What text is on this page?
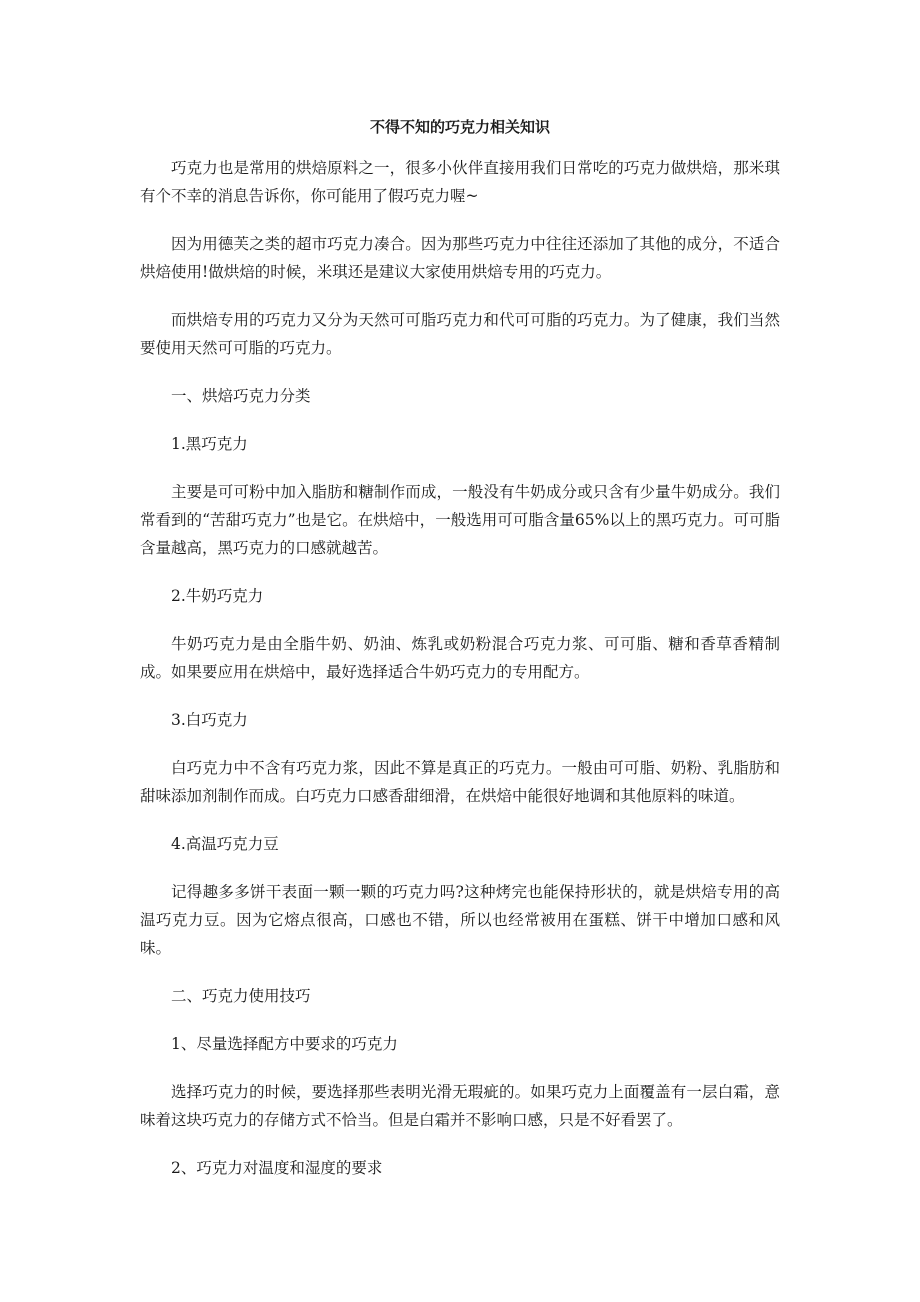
不得不知的巧克力相关知识

巧克力也是常用的烘焙原料之一，很多小伙伴直接用我们日常吃的巧克力做烘焙，那米琪有个不幸的消息告诉你，你可能用了假巧克力喔~

因为用德芙之类的超市巧克力凑合。因为那些巧克力中往往还添加了其他的成分，不适合烘焙使用!做烘焙的时候，米琪还是建议大家使用烘焙专用的巧克力。

而烘焙专用的巧克力又分为天然可可脂巧克力和代可可脂的巧克力。为了健康，我们当然要使用天然可可脂的巧克力。

一、烘焙巧克力分类

1.黑巧克力

主要是可可粉中加入脂肪和糖制作而成，一般没有牛奶成分或只含有少量牛奶成分。我们常看到的“苦甜巧克力”也是它。在烘焙中，一般选用可可脂含量65%以上的黑巧克力。可可脂含量越高，黑巧克力的口感就越苦。

2.牛奶巧克力

牛奶巧克力是由全脂牛奶、奶油、炼乳或奶粉混合巧克力浆、可可脂、糖和香草香精制成。如果要应用在烘焙中，最好选择适合牛奶巧克力的专用配方。

3.白巧克力

白巧克力中不含有巧克力浆，因此不算是真正的巧克力。一般由可可脂、奶粉、乳脂肪和甜味添加剂制作而成。白巧克力口感香甜细滑，在烘焙中能很好地调和其他原料的味道。

4.高温巧克力豆

记得趣多多饼干表面一颗一颗的巧克力吗?这种烤完也能保持形状的，就是烘焙专用的高温巧克力豆。因为它熔点很高，口感也不错，所以也经常被用在蛋糕、饼干中增加口感和风味。

二、巧克力使用技巧

1、尽量选择配方中要求的巧克力

选择巧克力的时候，要选择那些表明光滑无瑕疵的。如果巧克力上面覆盖有一层白霜，意味着这块巧克力的存储方式不恰当。但是白霜并不影响口感，只是不好看罢了。

2、巧克力对温度和湿度的要求
